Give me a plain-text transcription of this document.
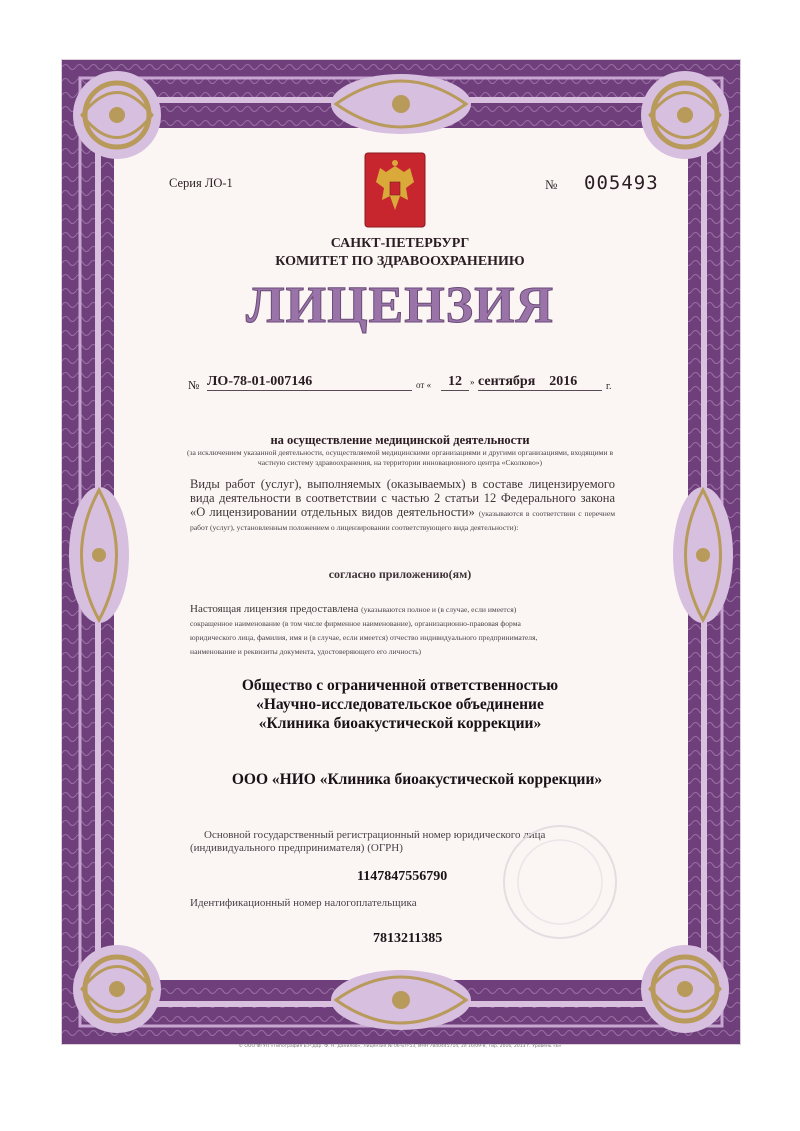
Серия ЛО-1	№ 005493
САНКТ-ПЕТЕРБУРГ
КОМИТЕТ ПО ЗДРАВООХРАНЕНИЮ
ЛИЦЕНЗИЯ
№ ЛО-78-01-007146	от «	12 » сентября 2016	г.
на осуществление медицинской деятельности
(за исключением указанной деятельности, осуществляемой медицинскими организациями и другими организациями, входящими в частную систему здравоохранения, на территории инновационного центра «Сколково»)
Виды работ (услуг), выполняемых (оказываемых) в составе лицензируемого вида деятельности в соответствии с частью 2 статьи 12 Федерального закона «О лицензировании отдельных видов деятельности» (указываются в соответствии с перечнем работ (услуг), установленным положением о лицензировании соответствующего вида деятельности):
согласно приложению(ям)
Настоящая лицензия предоставлена (указываются полное и (в случае, если имеется)
сокращенное наименование (в том числе фирменное наименование), организационно-правовая форма
юридического лица, фамилия, имя и (в случае, если имеется) отчество индивидуального предпринимателя,
наименование и реквизиты документа, удостоверяющего его личность)
Общество с ограниченной ответственностью
«Научно-исследовательское объединение
«Клиника биоакустической коррекции»
ООО «НИО «Клиника биоакустической коррекции»
Основной государственный регистрационный номер юридического лица
(индивидуального предпринимателя) (ОГРН)
1147847556790
Идентификационный номер налогоплательщика
7813211385
© ООО ФГУП «Типография Б.Р.Дар. Ф. Н. Данилов», Лицензия № 06-БЛ-53, ИНН 7840445714, 2я 16/09-8, Тир. 2016, 2013 г. Уровень «Б»
